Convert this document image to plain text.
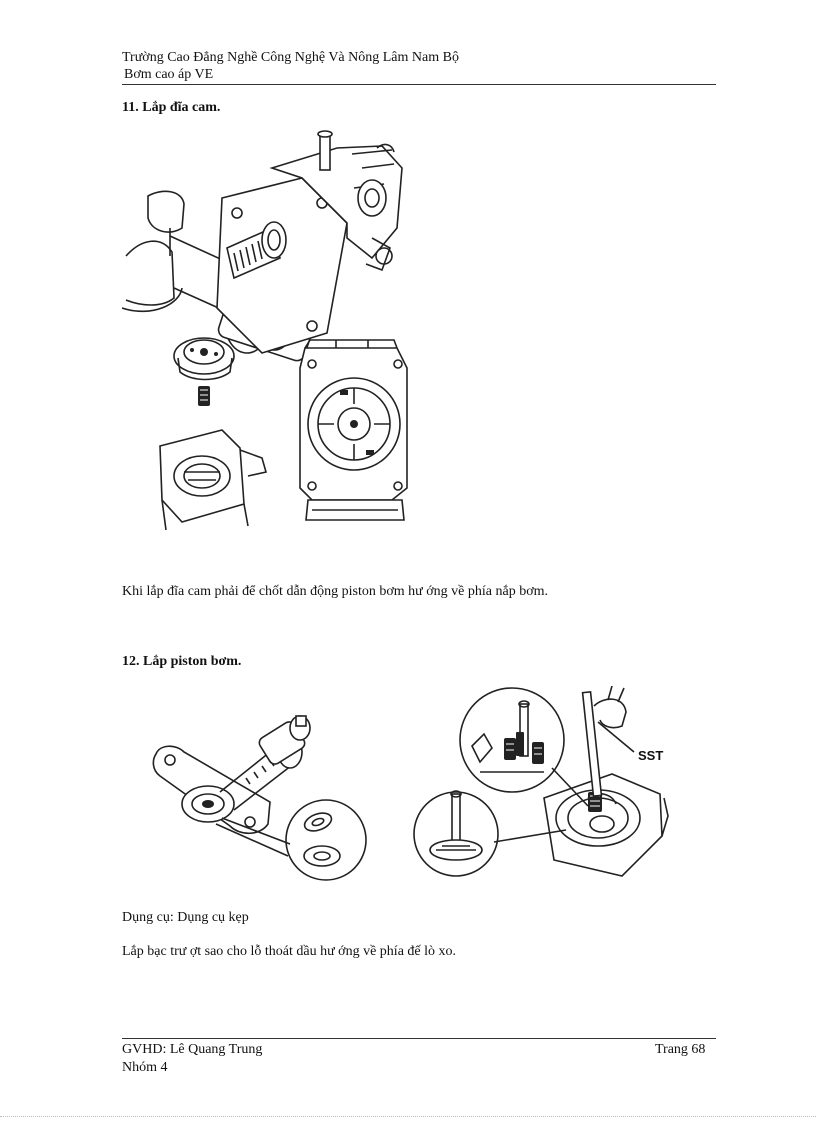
Trường Cao Đẳng Nghề Công Nghệ Và Nông Lâm Nam Bộ
Bơm cao áp VE
11. Lắp đĩa cam.
Khi lắp đĩa cam phải để chốt dẫn động piston bơm hư ớng về phía nắp bơm.
12. Lắp piston bơm.
SST
Dụng cụ: Dụng cụ kẹp
Lắp bạc trư ợt sao cho lỗ thoát dầu hư ớng về phía đế lò xo.
GVHD: Lê Quang Trung
Nhóm 4
Trang 68
